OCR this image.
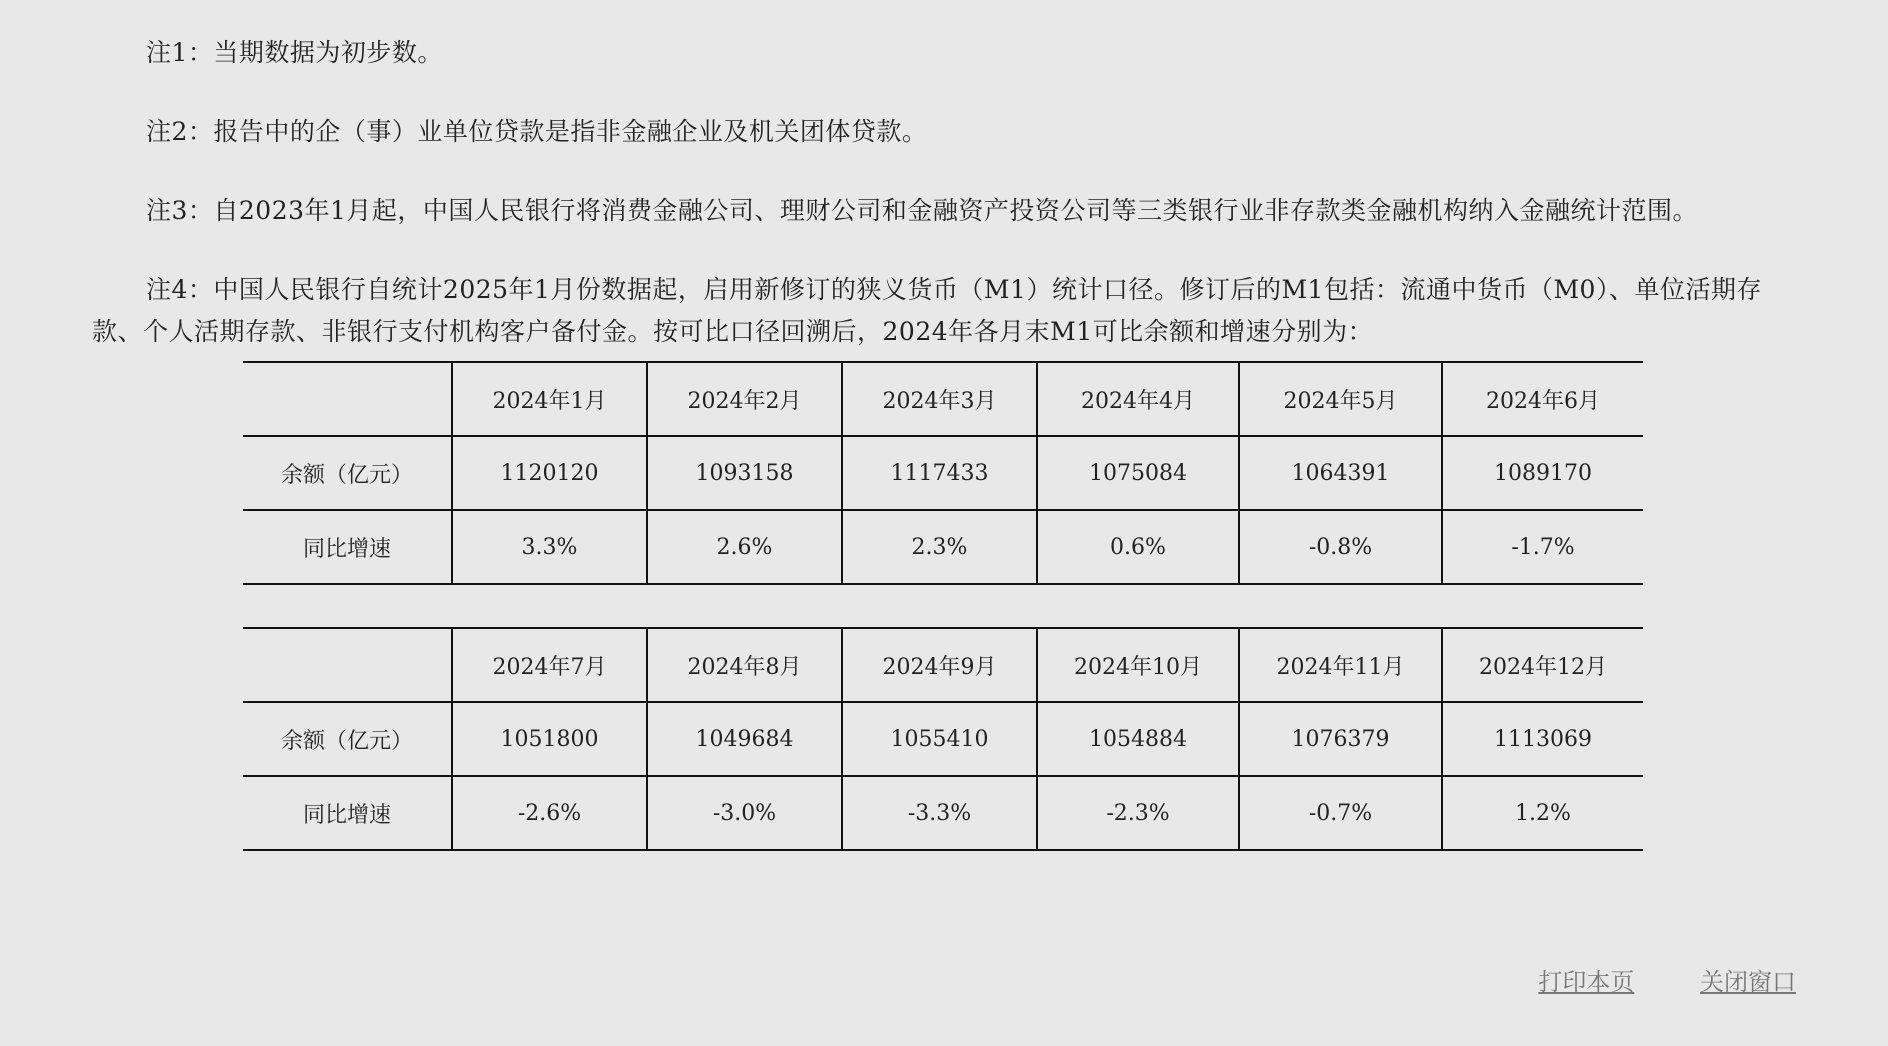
注1：当期数据为初步数。

注2：报告中的企（事）业单位贷款是指非金融企业及机关团体贷款。

注3：自2023年1月起，中国人民银行将消费金融公司、理财公司和金融资产投资公司等三类银行业非存款类金融机构纳入金融统计范围。

注4：中国人民银行自统计2025年1月份数据起，启用新修订的狭义货币（M1）统计口径。修订后的M1包括：流通中货币（M0）、单位活期存款、个人活期存款、非银行支付机构客户备付金。按可比口径回溯后，2024年各月末M1可比余额和增速分别为：

	2024年1月	2024年2月	2024年3月	2024年4月	2024年5月	2024年6月
余额（亿元）	1120120	1093158	1117433	1075084	1064391	1089170
同比增速	3.3%	2.6%	2.3%	0.6%	-0.8%	-1.7%
	2024年7月	2024年8月	2024年9月	2024年10月	2024年11月	2024年12月
余额（亿元）	1051800	1049684	1055410	1054884	1076379	1113069
同比增速	-2.6%	-3.0%	-3.3%	-2.3%	-0.7%	1.2%
打印本页	关闭窗口
